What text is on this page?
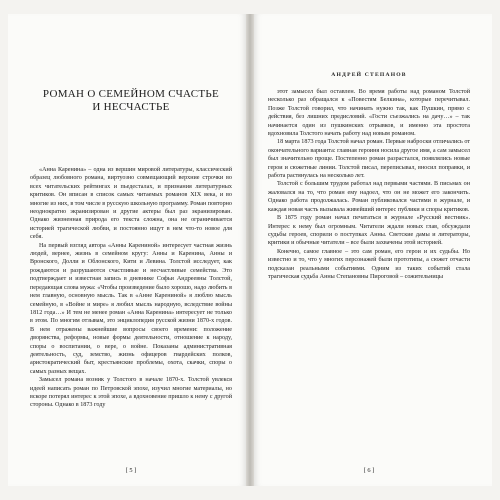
РОМАН О СЕМЕЙНОМ СЧАСТЬЕ
И НЕСЧАСТЬЕ

«Анна Каренина» – одна из вершин мировой литературы, классический образец любовного романа, виртуозно совмещающий верхние строчки во всех читательских рейтингах и пьедесталах, и признания литературных критиков. Он вписан в список самых читаемых романов XIX века, и во многие из них, в том числе в русскую школьную программу. Роман повторно неоднократно экранизирован и другие актеры был раз экранизирован. Однако жизненная природа его текста сложна, она не ограничивается историей трагической любви, и постоянно ищут в нем что-то новое для себя.

На первый взгляд автора «Анны Карениной» интересует частная жизнь людей, вернее, жизнь в семейном кругу: Анны и Каренина, Анны и Вронского, Долли и Облонского, Кити и Левина. Толстой исследует, как рождаются и разрушаются счастливые и несчастливые семейства. Это подтверждает и известная запись в дневнике Софьи Андреевны Толстой, передающая слова мужа: «Чтобы произведение было хорошо, надо любить в нем главную, основную мысль. Так в «Анне Карениной» я люблю мысль семейную, в «Войне и мире» я любил мысль народную, вследствие войны 1812 года…» И тем не менее роман «Анна Каренина» интересует не только в этом. По многим отзывам, это энциклопедия русской жизни 1870-х годов. В нем отражены важнейшие вопросы своего времени: положение дворянства, реформы, новые формы деятельности, отношение к народу, споры о воспитании, о вере, о войне. Показаны административная деятельность, суд, земство, жизнь офицеров гвардейских полков, аристократический быт, крестьянские проблемы, охота, скачки, споры о самых разных вещах.

Замысел романа возник у Толстого в начале 1870-х. Толстой увлекся идеей написать роман по Петровской эпохе, изучил многие материалы, но вскоре потерял интерес к этой эпохе, а вдохновение пришло к нему с другой стороны. Однако в 1873 году

[ 5 ]
АНДРЕЙ СТЕПАНОВ

этот замысел был оставлен. Во время работы над романом Толстой несколько раз обращался к «Повестям Белкина», которые перечитывал. Позже Толстой говорил, что начинать нужно так, как Пушкин, прямо с действия, без лишних предисловий. «Гости съезжались на дачу…» – так начинается один из пушкинских отрывков, и именно эта простота вдохновила Толстого начать работу над новым романом.

18 марта 1873 года Толстой начал роман. Первые наброски отличались от окончательного варианта: главная героиня носила другое имя, а сам замысел был значительно проще. Постепенно роман разрастался, появлялись новые герои и сюжетные линии. Толстой писал, переписывал, вносил поправки, и работа растянулась на несколько лет.

Толстой с большим трудом работал над первыми частями. В письмах он жаловался на то, что роман ему надоел, что он не может его закончить. Однако работа продолжалась. Роман публиковался частями в журнале, и каждая новая часть вызывала живейший интерес публики и споры критиков.

В 1875 году роман начал печататься в журнале «Русский вестник». Интерес к нему был огромным. Читатели ждали новых глав, обсуждали судьбы героев, спорили о поступках Анны. Светские дамы и литераторы, критики и обычные читатели – все были захвачены этой историей.

Конечно, самое главное – это сам роман, его герои и их судьбы. Но известно и то, что у многих персонажей были прототипы, а сюжет отчасти подсказан реальными событиями. Одним из таких событий стала трагическая судьба Анны Степановны Пироговой – сожительницы

[ 6 ]
